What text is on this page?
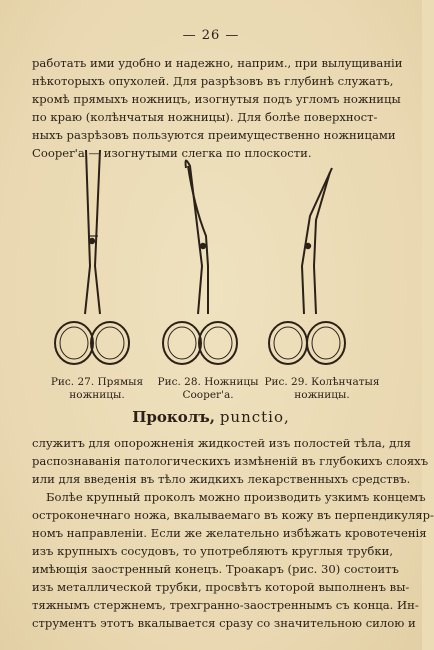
— 26 —
работать ими удобно и надежно, наприм., при вылущиваніи
нѣкоторыхъ опухолей. Для разрѣзовъ въ глубинѣ служатъ,
кромѣ прямыхъ ножницъ, изогнутыя подъ угломъ ножницы
по краю (колѣнчатыя ножницы). Для болѣе поверхност-
ныхъ разрѣзовъ пользуются преимущественно ножницами
Cooper'а — изогнутыми слегка по плоскости.
Рис. 27. Прямыя
ножницы.
Рис. 28. Ножницы
Cooper'а.
Рис. 29. Колѣнчатыя
ножницы.
Проколъ, punctio,
служитъ для опорожненія жидкостей изъ полостей тѣла, для
распознаванія патологическихъ измѣненій въ глубокихъ слояхъ
или для введенія въ тѣло жидкихъ лекарственныхъ средствъ.
Болѣе крупный проколъ можно производить узкимъ концемъ
остроконечнаго ножа, вкалываемаго въ кожу въ перпендикуляр-
номъ направленіи. Если же желательно избѣжать кровотеченія
изъ крупныхъ сосудовъ, то употребляютъ круглыя трубки,
имѣющія заостренный конецъ. Троакаръ (рис. 30) состоитъ
изъ металлической трубки, просвѣтъ которой выполненъ вы-
тяжнымъ стержнемъ, трехгранно-заостреннымъ съ конца. Ин-
струментъ этотъ вкалывается сразу со значительною силою и
